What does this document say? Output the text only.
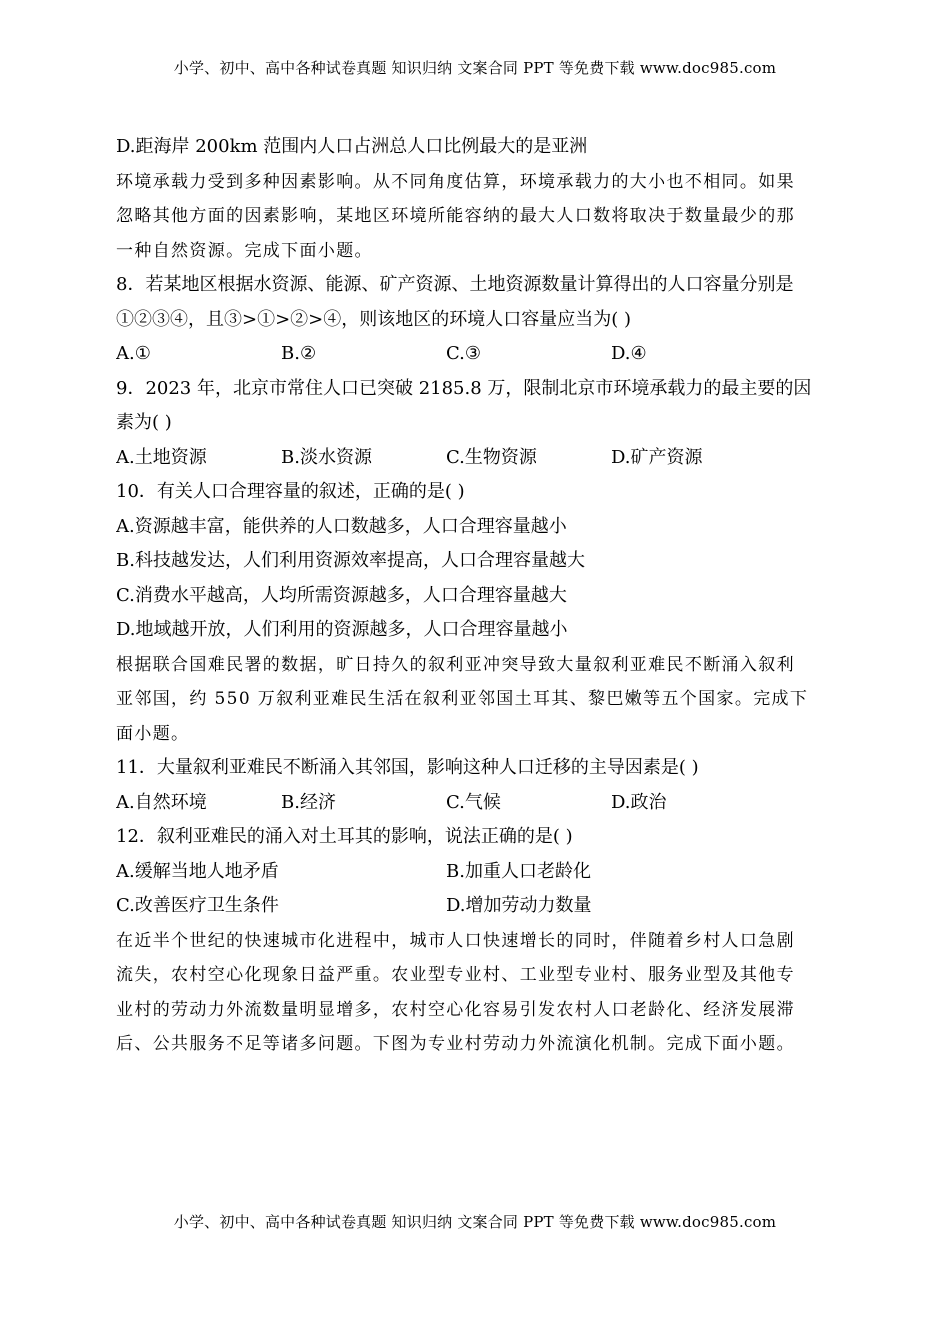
小学、初中、高中各种试卷真题 知识归纳 文案合同 PPT 等免费下载 www.doc985.com
D.距海岸 200km 范围内人口占洲总人口比例最大的是亚洲
环境承载力受到多种因素影响。从不同角度估算，环境承载力的大小也不相同。如果
忽略其他方面的因素影响，某地区环境所能容纳的最大人口数将取决于数量最少的那
一种自然资源。完成下面小题。
8．若某地区根据水资源、能源、矿产资源、土地资源数量计算得出的人口容量分别是
①②③④，且③>①>②>④，则该地区的环境人口容量应当为( )
A.①	B.②	C.③	D.④
9．2023 年，北京市常住人口已突破 2185.8 万，限制北京市环境承载力的最主要的因
素为( )
A.土地资源	B.淡水资源	C.生物资源	D.矿产资源
10．有关人口合理容量的叙述，正确的是( )
A.资源越丰富，能供养的人口数越多，人口合理容量越小
B.科技越发达，人们利用资源效率提高，人口合理容量越大
C.消费水平越高，人均所需资源越多，人口合理容量越大
D.地域越开放，人们利用的资源越多，人口合理容量越小
根据联合国难民署的数据，旷日持久的叙利亚冲突导致大量叙利亚难民不断涌入叙利
亚邻国，约 550 万叙利亚难民生活在叙利亚邻国土耳其、黎巴嫩等五个国家。完成下
面小题。
11．大量叙利亚难民不断涌入其邻国，影响这种人口迁移的主导因素是( )
A.自然环境	B.经济	C.气候	D.政治
12．叙利亚难民的涌入对土耳其的影响，说法正确的是( )
A.缓解当地人地矛盾	B.加重人口老龄化
C.改善医疗卫生条件	D.增加劳动力数量
在近半个世纪的快速城市化进程中，城市人口快速增长的同时，伴随着乡村人口急剧
流失，农村空心化现象日益严重。农业型专业村、工业型专业村、服务业型及其他专
业村的劳动力外流数量明显增多，农村空心化容易引发农村人口老龄化、经济发展滞
后、公共服务不足等诸多问题。下图为专业村劳动力外流演化机制。完成下面小题。
小学、初中、高中各种试卷真题 知识归纳 文案合同 PPT 等免费下载 www.doc985.com
